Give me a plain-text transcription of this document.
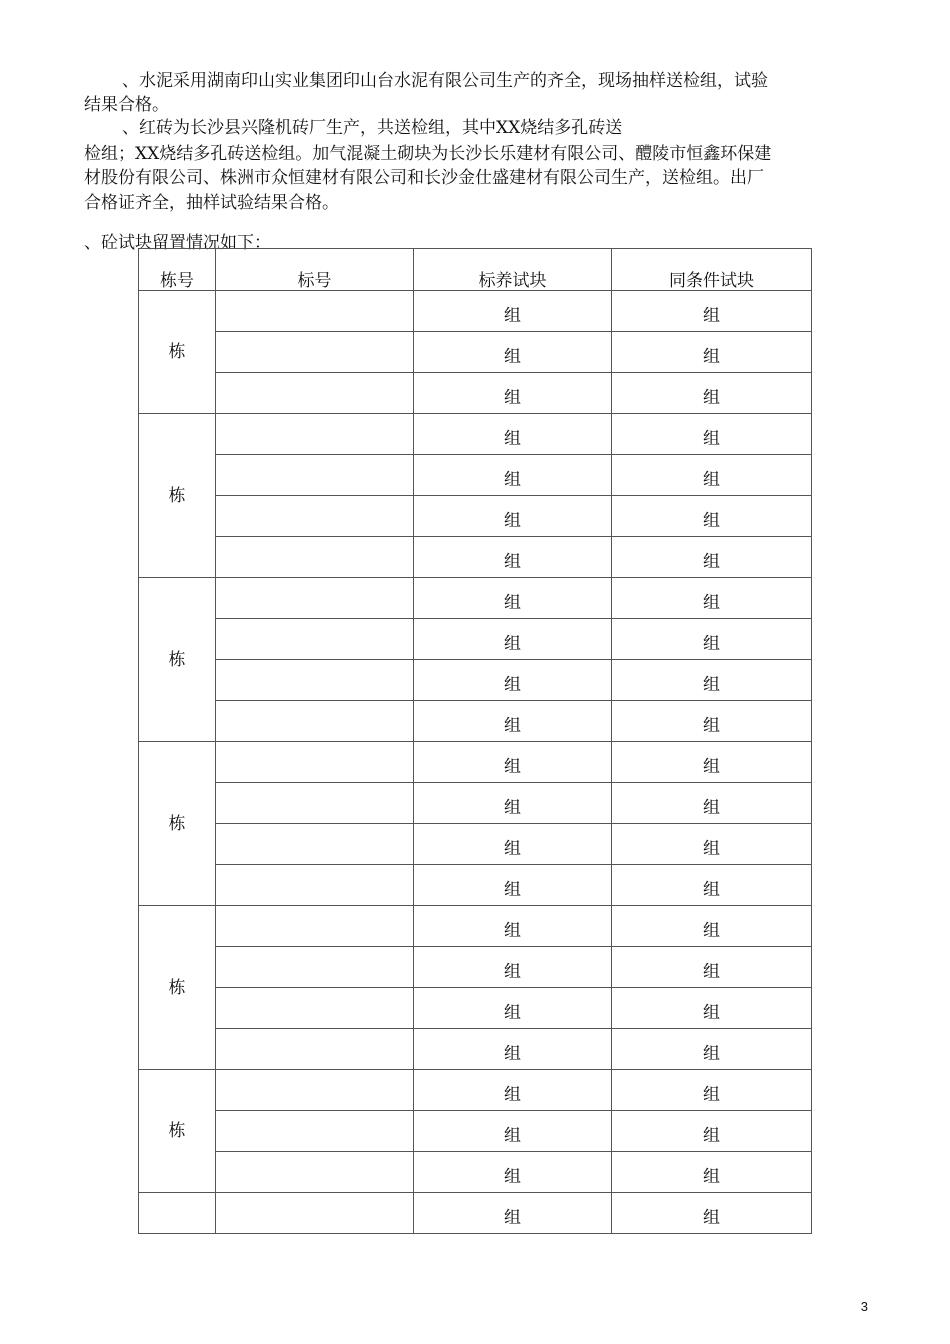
、水泥采用湖南印山实业集团印山台水泥有限公司生产的齐全，现场抽样送检组，试验

结果合格。

、红砖为长沙县兴隆机砖厂生产，共送检组，其中XX烧结多孔砖送

检组；XX烧结多孔砖送检组。加气混凝土砌块为长沙长乐建材有限公司、醴陵市恒鑫环保建

材股份有限公司、株洲市众恒建材有限公司和长沙金仕盛建材有限公司生产，送检组。出厂

合格证齐全，抽样试验结果合格。

、砼试块留置情况如下：

栋号	标号	标养试块	同条件试块
栋		组	组
		组	组
		组	组
栋		组	组
		组	组
		组	组
		组	组
栋		组	组
		组	组
		组	组
		组	组
栋		组	组
		组	组
		组	组
		组	组
栋		组	组
		组	组
		组	组
		组	组
栋		组	组
		组	组
		组	组
		组	组
3
